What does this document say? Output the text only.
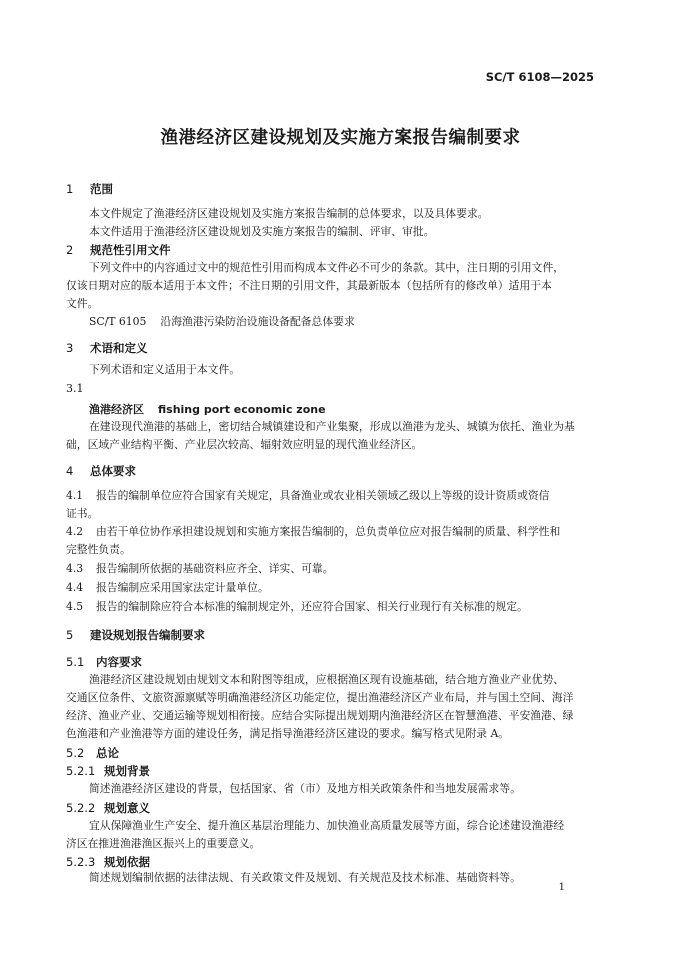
SC/T 6108—2025
渔港经济区建设规划及实施方案报告编制要求
1 范围
本文件规定了渔港经济区建设规划及实施方案报告编制的总体要求，以及具体要求。
本文件适用于渔港经济区建设规划及实施方案报告的编制、评审、审批。
2 规范性引用文件
下列文件中的内容通过文中的规范性引用而构成本文件必不可少的条款。其中，注日期的引用文件，
仅该日期对应的版本适用于本文件；不注日期的引用文件，其最新版本（包括所有的修改单）适用于本
文件。
SC/T 6105 沿海渔港污染防治设施设备配备总体要求
3 术语和定义
下列术语和定义适用于本文件。
3.1
渔港经济区 fishing port economic zone
在建设现代渔港的基础上，密切结合城镇建设和产业集聚，形成以渔港为龙头、城镇为依托、渔业为基
础，区域产业结构平衡、产业层次较高、辐射效应明显的现代渔业经济区。
4 总体要求
4.1 报告的编制单位应符合国家有关规定，具备渔业或农业相关领域乙级以上等级的设计资质或资信
证书。
4.2 由若干单位协作承担建设规划和实施方案报告编制的，总负责单位应对报告编制的质量、科学性和
完整性负责。
4.3 报告编制所依据的基础资料应齐全、详实、可靠。
4.4 报告编制应采用国家法定计量单位。
4.5 报告的编制除应符合本标准的编制规定外，还应符合国家、相关行业现行有关标准的规定。
5 建设规划报告编制要求
5.1 内容要求
渔港经济区建设规划由规划文本和附图等组成，应根据渔区现有设施基础，结合地方渔业产业优势、
交通区位条件、文旅资源禀赋等明确渔港经济区功能定位，提出渔港经济区产业布局，并与国土空间、海洋
经济、渔业产业、交通运输等规划相衔接。应结合实际提出规划期内渔港经济区在智慧渔港、平安渔港、绿
色渔港和产业渔港等方面的建设任务，满足指导渔港经济区建设的要求。编写格式见附录 A。
5.2 总论
5.2.1 规划背景
简述渔港经济区建设的背景，包括国家、省（市）及地方相关政策条件和当地发展需求等。
5.2.2 规划意义
宜从保障渔业生产安全、提升渔区基层治理能力、加快渔业高质量发展等方面，综合论述建设渔港经
济区在推进渔港渔区振兴上的重要意义。
5.2.3 规划依据
简述规划编制依据的法律法规、有关政策文件及规划、有关规范及技术标准、基础资料等。
1
